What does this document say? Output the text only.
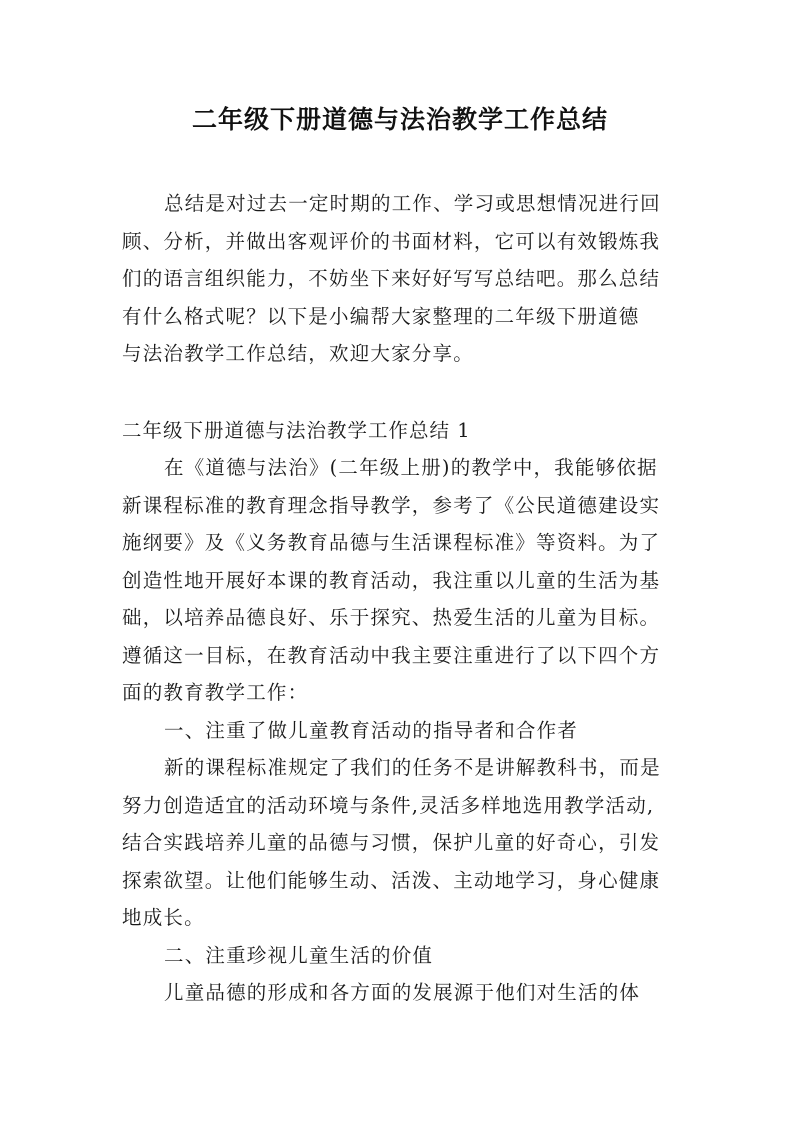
二年级下册道德与法治教学工作总结
总结是对过去一定时期的工作、学习或思想情况进行回
顾、分析，并做出客观评价的书面材料，它可以有效锻炼我
们的语言组织能力，不妨坐下来好好写写总结吧。那么总结
有什么格式呢？以下是小编帮大家整理的二年级下册道德
与法治教学工作总结，欢迎大家分享。
二年级下册道德与法治教学工作总结 1
在《道德与法治》(二年级上册)的教学中，我能够依据
新课程标准的教育理念指导教学，参考了《公民道德建设实
施纲要》及《义务教育品德与生活课程标准》等资料。为了
创造性地开展好本课的教育活动，我注重以儿童的生活为基
础，以培养品德良好、乐于探究、热爱生活的儿童为目标。
遵循这一目标，在教育活动中我主要注重进行了以下四个方
面的教育教学工作：
一、注重了做儿童教育活动的指导者和合作者
新的课程标准规定了我们的任务不是讲解教科书，而是
努力创造适宜的活动环境与条件,灵活多样地选用教学活动,
结合实践培养儿童的品德与习惯，保护儿童的好奇心，引发
探索欲望。让他们能够生动、活泼、主动地学习，身心健康
地成长。
二、注重珍视儿童生活的价值
儿童品德的形成和各方面的发展源于他们对生活的体
